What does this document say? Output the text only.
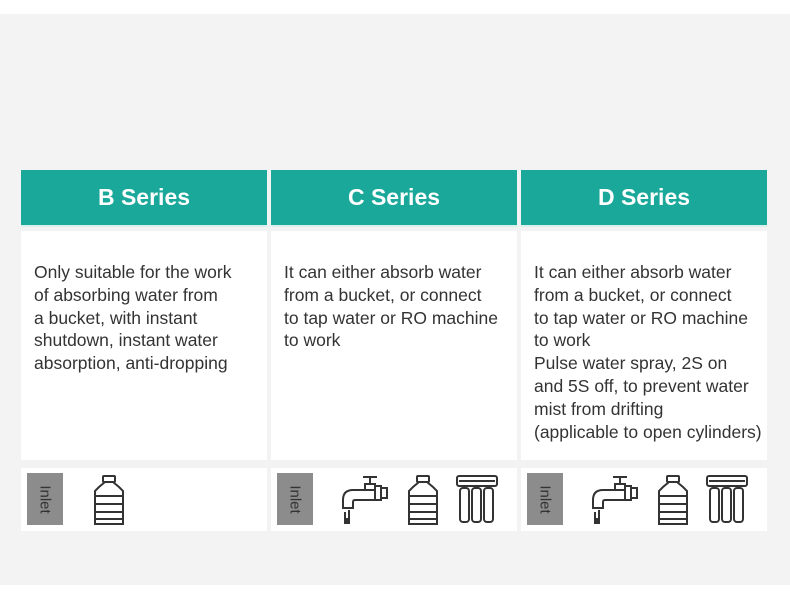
B Series

Only suitable for the work
of absorbing water from
a bucket, with instant
shutdown, instant water
absorption, anti-dropping

Inlet
C Series

It can either absorb water
from a bucket, or connect
to tap water or RO machine
to work

Inlet
D Series

It can either absorb water
from a bucket, or connect
to tap water or RO machine
to work
Pulse water spray, 2S on
and 5S off, to prevent water
mist from drifting
(applicable to open cylinders)

Inlet
